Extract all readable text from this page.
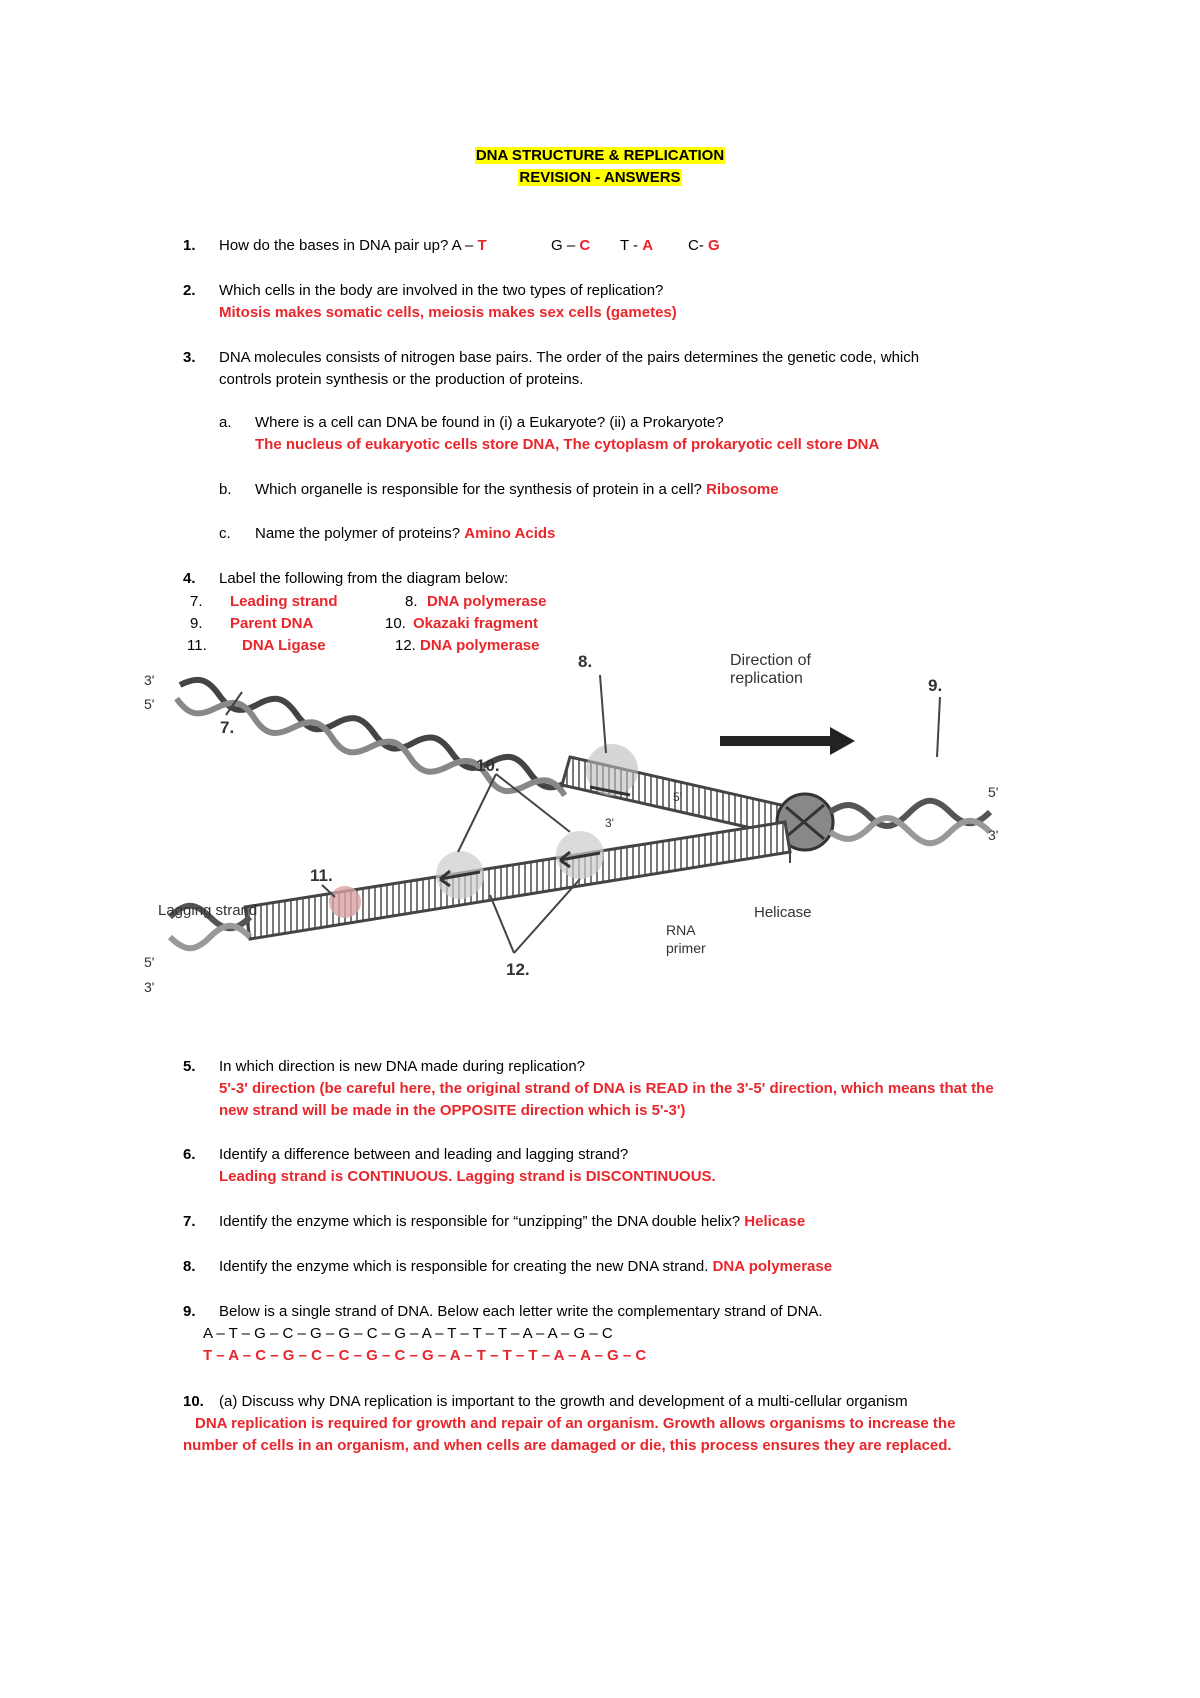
DNA STRUCTURE & REPLICATION
REVISION - ANSWERS
1. How do the bases in DNA pair up? A – T	G – C T - A C- G
2. Which cells in the body are involved in the two types of replication?
Mitosis makes somatic cells, meiosis makes sex cells (gametes)
3. DNA molecules consists of nitrogen base pairs. The order of the pairs determines the genetic code, which
controls protein synthesis or the production of proteins.
a. Where is a cell can DNA be found in (i) a Eukaryote? (ii) a Prokaryote?
The nucleus of eukaryotic cells store DNA, The cytoplasm of prokaryotic cell store DNA
b. Which organelle is responsible for the synthesis of protein in a cell? Ribosome
c. Name the polymer of proteins? Amino Acids
4. Label the following from the diagram below:
7. Leading strand	8. DNA polymerase
9. Parent DNA	10. Okazaki fragment
11. DNA Ligase	12. DNA polymerase
3'
5'
7.
8.	Direction of
replication	9.
5'
3'
3'
5'
10.
11.
Lagging strand	Helicase
RNA
primer
5'
3'
12.
5. In which direction is new DNA made during replication?
5'-3' direction (be careful here, the original strand of DNA is READ in the 3'-5' direction, which means that the
new strand will be made in the OPPOSITE direction which is 5'-3')
6. Identify a difference between and leading and lagging strand?
Leading strand is CONTINUOUS. Lagging strand is DISCONTINUOUS.
7. Identify the enzyme which is responsible for “unzipping” the DNA double helix? Helicase
8. Identify the enzyme which is responsible for creating the new DNA strand. DNA polymerase
9. Below is a single strand of DNA. Below each letter write the complementary strand of DNA.
A – T – G – C – G – G – C – G – A – T – T – T – A – A – G – C
T – A – C – G – C – C – G – C – G – A – T – T – T – A – A – G – C
10. (a) Discuss why DNA replication is important to the growth and development of a multi-cellular organism
DNA replication is required for growth and repair of an organism. Growth allows organisms to increase the
number of cells in an organism, and when cells are damaged or die, this process ensures they are replaced.
